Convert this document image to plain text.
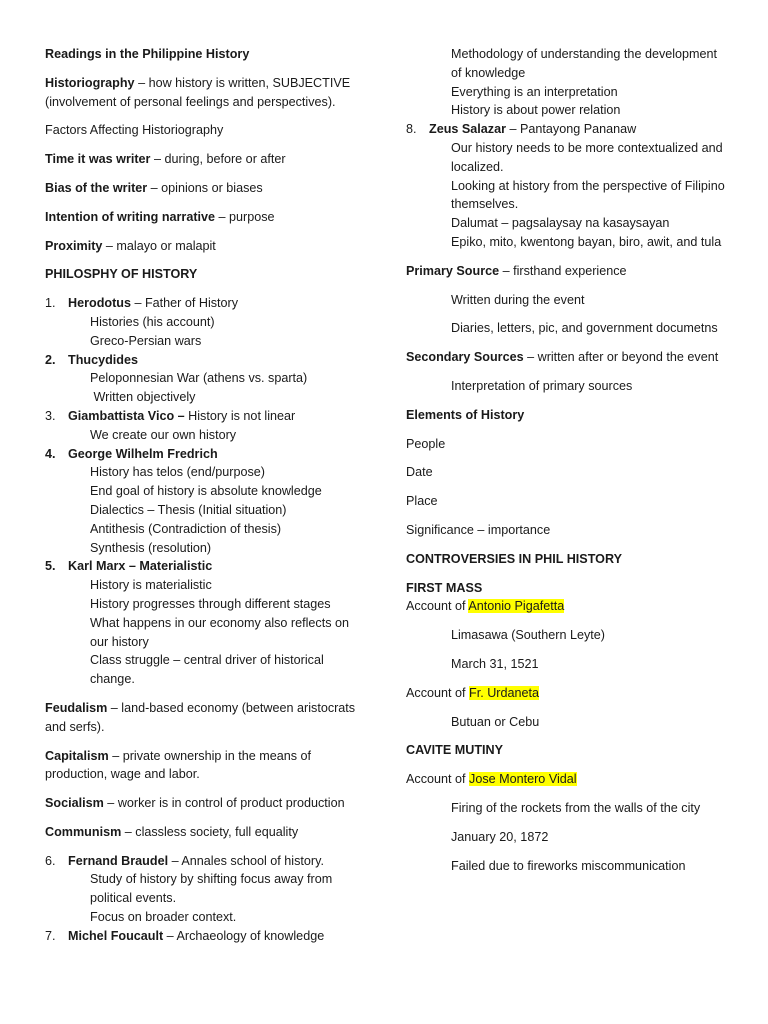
Readings in the Philippine History

Historiography – how history is written, SUBJECTIVE (involvement of personal feelings and perspectives).

Factors Affecting Historiography

Time it was writer – during, before or after

Bias of the writer – opinions or biases

Intention of writing narrative – purpose

Proximity – malayo or malapit

PHILOSPHY OF HISTORY

1. Herodotus – Father of History

Histories (his account)

Greco-Persian wars

2. Thucydides

Peloponnesian War (athens vs. sparta)

Written objectively

3. Giambattista Vico – History is not linear

We create our own history

4. George Wilhelm Fredrich

History has telos (end/purpose)

End goal of history is absolute knowledge

Dialectics – Thesis (Initial situation)

Antithesis (Contradiction of thesis)

Synthesis (resolution)

5. Karl Marx – Materialistic

History is materialistic

History progresses through different stages

What happens in our economy also reflects on our history

Class struggle – central driver of historical change.

Feudalism – land-based economy (between aristocrats and serfs).

Capitalism – private ownership in the means of production, wage and labor.

Socialism – worker is in control of product production

Communism – classless society, full equality

6. Fernand Braudel – Annales school of history.

Study of history by shifting focus away from political events.

Focus on broader context.

7. Michel Foucault – Archaeology of knowledge

Methodology of understanding the development of knowledge

Everything is an interpretation

History is about power relation

8. Zeus Salazar – Pantayong Pananaw

Our history needs to be more contextualized and localized.

Looking at history from the perspective of Filipino themselves.

Dalumat – pagsalaysay na kasaysayan

Epiko, mito, kwentong bayan, biro, awit, and tula

Primary Source – firsthand experience

Written during the event

Diaries, letters, pic, and government documetns

Secondary Sources – written after or beyond the event

Interpretation of primary sources

Elements of History

People

Date

Place

Significance – importance

CONTROVERSIES IN PHIL HISTORY

FIRST MASS

Account of Antonio Pigafetta

Limasawa (Southern Leyte)

March 31, 1521

Account of Fr. Urdaneta

Butuan or Cebu

CAVITE MUTINY

Account of Jose Montero Vidal

Firing of the rockets from the walls of the city

January 20, 1872

Failed due to fireworks miscommunication
